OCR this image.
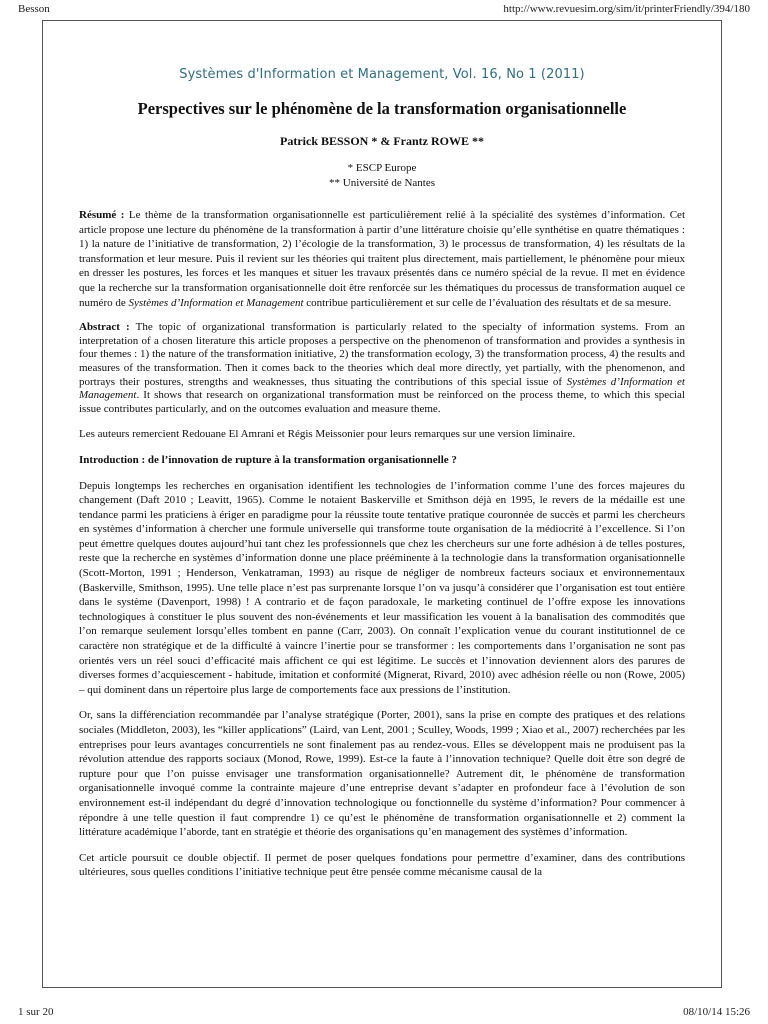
Besson	http://www.revuesim.org/sim/it/printerFriendly/394/180
Systèmes d'Information et Management, Vol. 16, No 1 (2011)
Perspectives sur le phénomène de la transformation organisationnelle
Patrick BESSON * & Frantz ROWE **
* ESCP Europe
** Université de Nantes

Résumé : Le thème de la transformation organisationnelle est particulièrement relié à la spécialité des systèmes d’information. Cet article propose une lecture du phénomène de la transformation à partir d’une littérature choisie qu’elle synthétise en quatre thématiques : 1) la nature de l’initiative de transformation, 2) l’écologie de la transformation, 3) le processus de transformation, 4) les résultats de la transformation et leur mesure. Puis il revient sur les théories qui traitent plus directement, mais partiellement, le phénomène pour mieux en dresser les postures, les forces et les manques et situer les travaux présentés dans ce numéro spécial de la revue. Il met en évidence que la recherche sur la transformation organisationnelle doit être renforcée sur les thématiques du processus de transformation auquel ce numéro de Systèmes d’Information et Management contribue particulièrement et sur celle de l’évaluation des résultats et de sa mesure.

Abstract : The topic of organizational transformation is particularly related to the specialty of information systems. From an interpretation of a chosen literature this article proposes a perspective on the phenomenon of transformation and provides a synthesis in four themes : 1) the nature of the transformation initiative, 2) the transformation ecology, 3) the transformation process, 4) the results and measures of the transformation. Then it comes back to the theories which deal more directly, yet partially, with the phenomenon, and portrays their postures, strengths and weaknesses, thus situating the contributions of this special issue of Systèmes d’Information et Management. It shows that research on organizational transformation must be reinforced on the process theme, to which this special issue contributes particularly, and on the outcomes evaluation and measure theme.

Les auteurs remercient Redouane El Amrani et Régis Meissonier pour leurs remarques sur une version liminaire.

Introduction : de l’innovation de rupture à la transformation organisationnelle ?

Depuis longtemps les recherches en organisation identifient les technologies de l’information comme l’une des forces majeures du changement (Daft 2010 ; Leavitt, 1965). Comme le notaient Baskerville et Smithson déjà en 1995, le revers de la médaille est une tendance parmi les praticiens à ériger en paradigme pour la réussite toute tentative pratique couronnée de succès et parmi les chercheurs en systèmes d’information à chercher une formule universelle qui transforme toute organisation de la médiocrité à l’excellence. Si l’on peut émettre quelques doutes aujourd’hui tant chez les professionnels que chez les chercheurs sur une forte adhésion à de telles postures, reste que la recherche en systèmes d’information donne une place prééminente à la technologie dans la transformation organisationnelle (Scott-Morton, 1991 ; Henderson, Venkatraman, 1993) au risque de négliger de nombreux facteurs sociaux et environnementaux (Baskerville, Smithson, 1995). Une telle place n’est pas surprenante lorsque l’on va jusqu’à considérer que l’organisation est tout entière dans le système (Davenport, 1998) ! A contrario et de façon paradoxale, le marketing continuel de l’offre expose les innovations technologiques à constituer le plus souvent des non-événements et leur massification les vouent à la banalisation des commodités que l’on remarque seulement lorsqu’elles tombent en panne (Carr, 2003). On connaît l’explication venue du courant institutionnel de ce caractère non stratégique et de la difficulté à vaincre l’inertie pour se transformer : les comportements dans l’organisation ne sont pas orientés vers un réel souci d’efficacité mais affichent ce qui est légitime. Le succès et l’innovation deviennent alors des parures de diverses formes d’acquiescement - habitude, imitation et conformité (Mignerat, Rivard, 2010) avec adhésion réelle ou non (Rowe, 2005) – qui dominent dans un répertoire plus large de comportements face aux pressions de l’institution.

Or, sans la différenciation recommandée par l’analyse stratégique (Porter, 2001), sans la prise en compte des pratiques et des relations sociales (Middleton, 2003), les “killer applications” (Laird, van Lent, 2001 ; Sculley, Woods, 1999 ; Xiao et al., 2007) recherchées par les entreprises pour leurs avantages concurrentiels ne sont finalement pas au rendez-vous. Elles se développent mais ne produisent pas la révolution attendue des rapports sociaux (Monod, Rowe, 1999). Est-ce la faute à l’innovation technique? Quelle doit être son degré de rupture pour que l’on puisse envisager une transformation organisationnelle? Autrement dit, le phénomène de transformation organisationnelle invoqué comme la contrainte majeure d’une entreprise devant s’adapter en profondeur face à l’évolution de son environnement est-il indépendant du degré d’innovation technologique ou fonctionnelle du système d’information? Pour commencer à répondre à une telle question il faut comprendre 1) ce qu’est le phénomène de transformation organisationnelle et 2) comment la littérature académique l’aborde, tant en stratégie et théorie des organisations qu’en management des systèmes d’information.

Cet article poursuit ce double objectif. Il permet de poser quelques fondations pour permettre d’examiner, dans des contributions ultérieures, sous quelles conditions l’initiative technique peut être pensée comme mécanisme causal de la

1 sur 20	08/10/14 15:26
